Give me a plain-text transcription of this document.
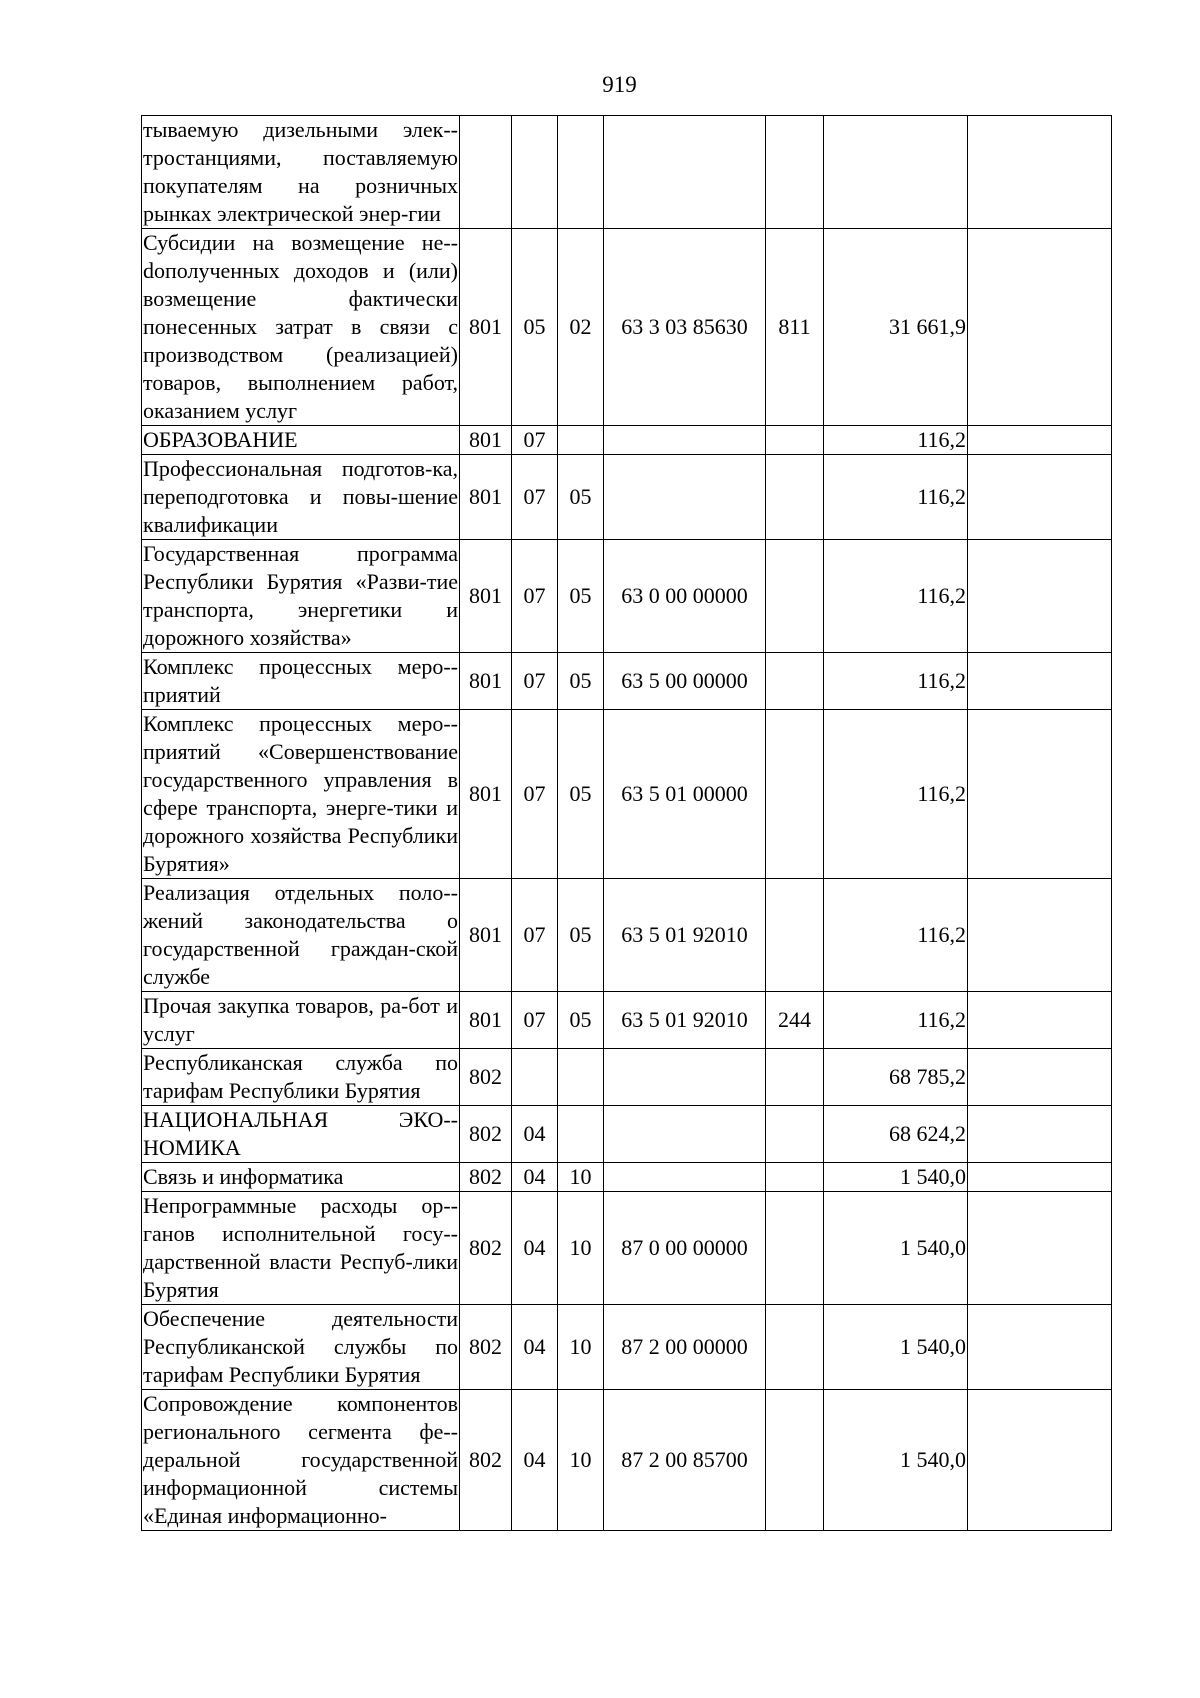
919
тываемую дизельными элек-тростанциями, поставляемую покупателям на розничных рынках электрической энер-гии							
Субсидии на возмещение не-dополученных доходов и (или) возмещение фактически понесенных затрат в связи с производством (реализацией) товаров, выполнением работ, оказанием услуг	801	05	02	63 3 03 85630	811	31 661,9	
ОБРАЗОВАНИЕ	801	07				116,2	
Профессиональная подготов-ка, переподготовка и повы-шение квалификации	801	07	05			116,2	
Государственная программа Республики Бурятия «Разви-тие транспорта, энергетики и дорожного хозяйства»	801	07	05	63 0 00 00000		116,2	
Комплекс процессных меро-приятий	801	07	05	63 5 00 00000		116,2	
Комплекс процессных меро-приятий «Совершенствование государственного управления в сфере транспорта, энерге-тики и дорожного хозяйства Республики Бурятия»	801	07	05	63 5 01 00000		116,2	
Реализация отдельных поло-жений законодательства о государственной граждан-ской службе	801	07	05	63 5 01 92010		116,2	
Прочая закупка товаров, ра-бот и услуг	801	07	05	63 5 01 92010	244	116,2	
Республиканская служба по тарифам Республики Бурятия	802					68 785,2	
НАЦИОНАЛЬНАЯ ЭКО-НОМИКА	802	04				68 624,2	
Связь и информатика	802	04	10			1 540,0	
Непрограммные расходы ор-ганов исполнительной госу-дарственной власти Респуб-лики Бурятия	802	04	10	87 0 00 00000		1 540,0	
Обеспечение деятельности Республиканской службы по тарифам Республики Бурятия	802	04	10	87 2 00 00000		1 540,0	
Сопровождение компонентов регионального сегмента фе-деральной государственной информационной системы «Единая информационно-	802	04	10	87 2 00 85700		1 540,0	
